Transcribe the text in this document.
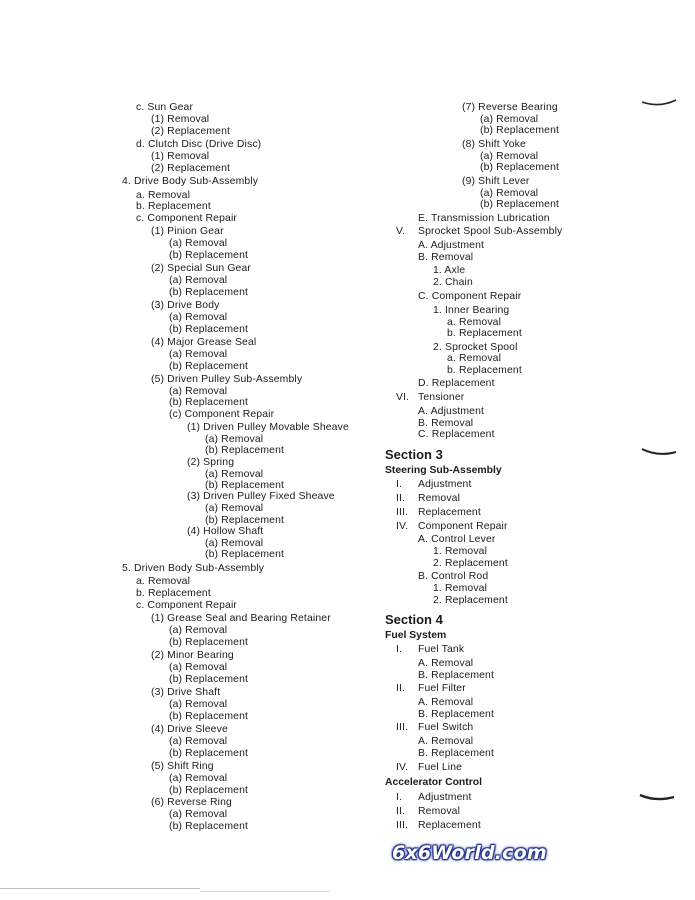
c. Sun Gear
(1) Removal
(2) Replacement
d. Clutch Disc (Drive Disc)
(1) Removal
(2) Replacement
4. Drive Body Sub-Assembly
a. Removal
b. Replacement
c. Component Repair
(1) Pinion Gear
(a) Removal
(b) Replacement
(2) Special Sun Gear
(a) Removal
(b) Replacement
(3) Drive Body
(a) Removal
(b) Replacement
(4) Major Grease Seal
(a) Removal
(b) Replacement
(5) Driven Pulley Sub-Assembly
(a) Removal
(b) Replacement
(c) Component Repair
(1) Driven Pulley Movable Sheave
(a) Removal
(b) Replacement
(2) Spring
(a) Removal
(b) Replacement
(3) Driven Pulley Fixed Sheave
(a) Removal
(b) Replacement
(4) Hollow Shaft
(a) Removal
(b) Replacement
5. Driven Body Sub-Assembly
a. Removal
b. Replacement
c. Component Repair
(1) Grease Seal and Bearing Retainer
(a) Removal
(b) Replacement
(2) Minor Bearing
(a) Removal
(b) Replacement
(3) Drive Shaft
(a) Removal
(b) Replacement
(4) Drive Sleeve
(a) Removal
(b) Replacement
(5) Shift Ring
(a) Removal
(b) Replacement
(6) Reverse Ring
(a) Removal
(b) Replacement
(7) Reverse Bearing
(a) Removal
(b) Replacement
(8) Shift Yoke
(a) Removal
(b) Replacement
(9) Shift Lever
(a) Removal
(b) Replacement
E. Transmission Lubrication
V. Sprocket Spool Sub-Assembly
A. Adjustment
B. Removal
1. Axle
2. Chain
C. Component Repair
1. Inner Bearing
a. Removal
b. Replacement
2. Sprocket Spool
a. Removal
b. Replacement
D. Replacement
VI. Tensioner
A. Adjustment
B. Removal
C. Replacement
Section 3
Steering Sub-Assembly
I. Adjustment
II. Removal
III. Replacement
IV. Component Repair
A. Control Lever
1. Removal
2. Replacement
B. Control Rod
1. Removal
2. Replacement
Section 4
Fuel System
I. Fuel Tank
A. Removal
B. Replacement
II. Fuel Filter
A. Removal
B. Replacement
III. Fuel Switch
A. Removal
B. Replacement
IV. Fuel Line
Accelerator Control
I. Adjustment
II. Removal
III. Replacement
6x6World.com
